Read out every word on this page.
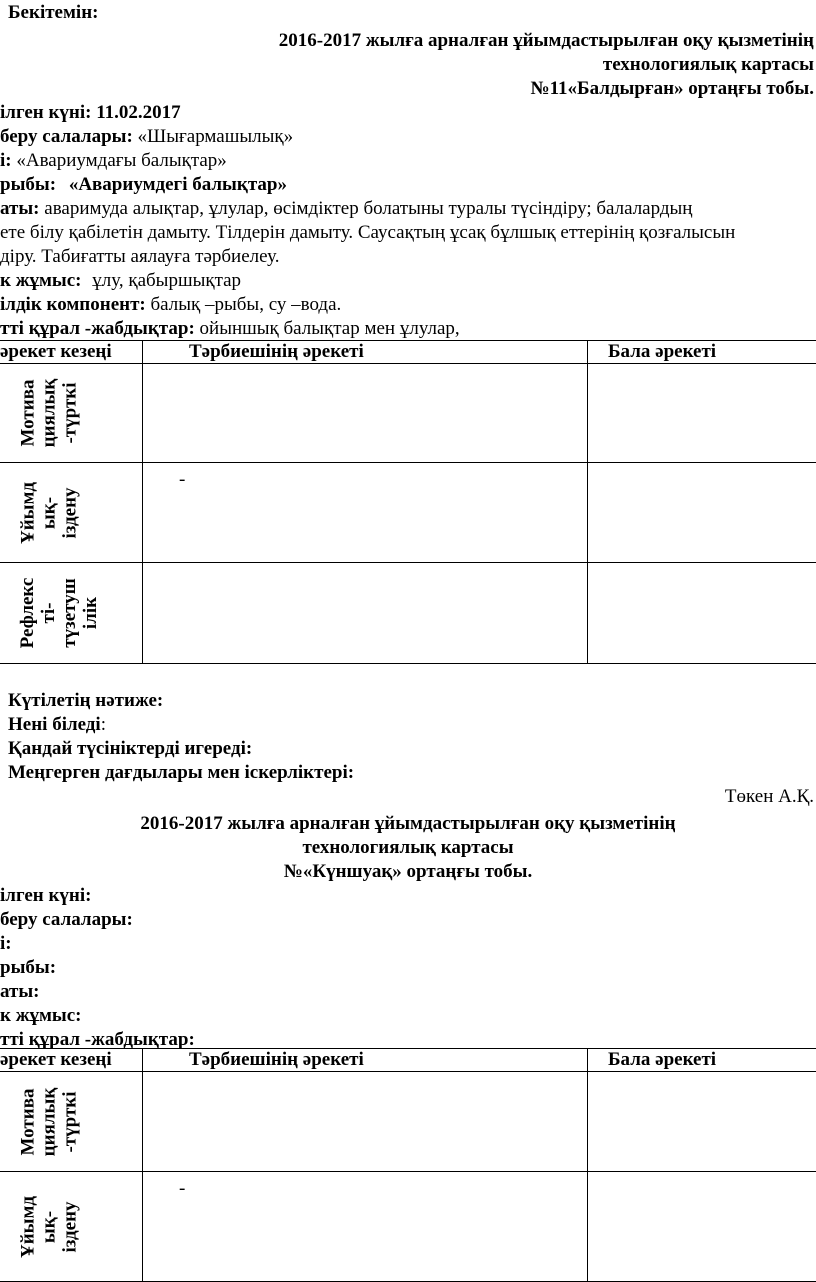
Бекітемін:
2016-2017 жылға арналған ұйымдастырылған оқу қызметінің
технологиялық картасы
№11«Балдырған» ортаңғы тобы.
ілген күні: 11.02.2017
беру салалары: «Шығармашылық»
і: «Авариумдағы балықтар»
рыбы: «Авариумдегі балықтар»
аты: аваримуда алықтар, ұлулар, өсімдіктер болатыны туралы түсіндіру; балалардың
ете білу қабілетін дамыту. Тілдерін дамыту. Саусақтың ұсақ бұлшық еттерінің қозғалысын
діру. Табиғатты аялауға тәрбиелеу.
к жұмыс: ұлу, қабыршықтар
ілдік компонент: балық –рыбы, су –вода.
тті құрал -жабдықтар: ойыншық балықтар мен ұлулар,
әрекет кезеңі	Тәрбиешінің әрекеті	Бала әрекеті

Мотива
циялық
-түрткі		

Ұйымд
ық-
іздену	-	

Рефлекс
ті-
түзетуш
ілік		

Күтілетің нәтиже:
Нені біледі:
Қандай түсініктерді игереді:
Меңгерген дағдылары мен іскерліктері:
Төкен А.Қ.
2016-2017 жылға арналған ұйымдастырылған оқу қызметінің
технологиялық картасы
№«Күншуақ» ортаңғы тобы.
ілген күні:
беру салалары:
і:
рыбы:
аты:
к жұмыс:
тті құрал -жабдықтар:
әрекет кезеңі	Тәрбиешінің әрекеті	Бала әрекеті

Мотива
циялық
-түрткі		

Ұйымд
ық-
іздену	-	
